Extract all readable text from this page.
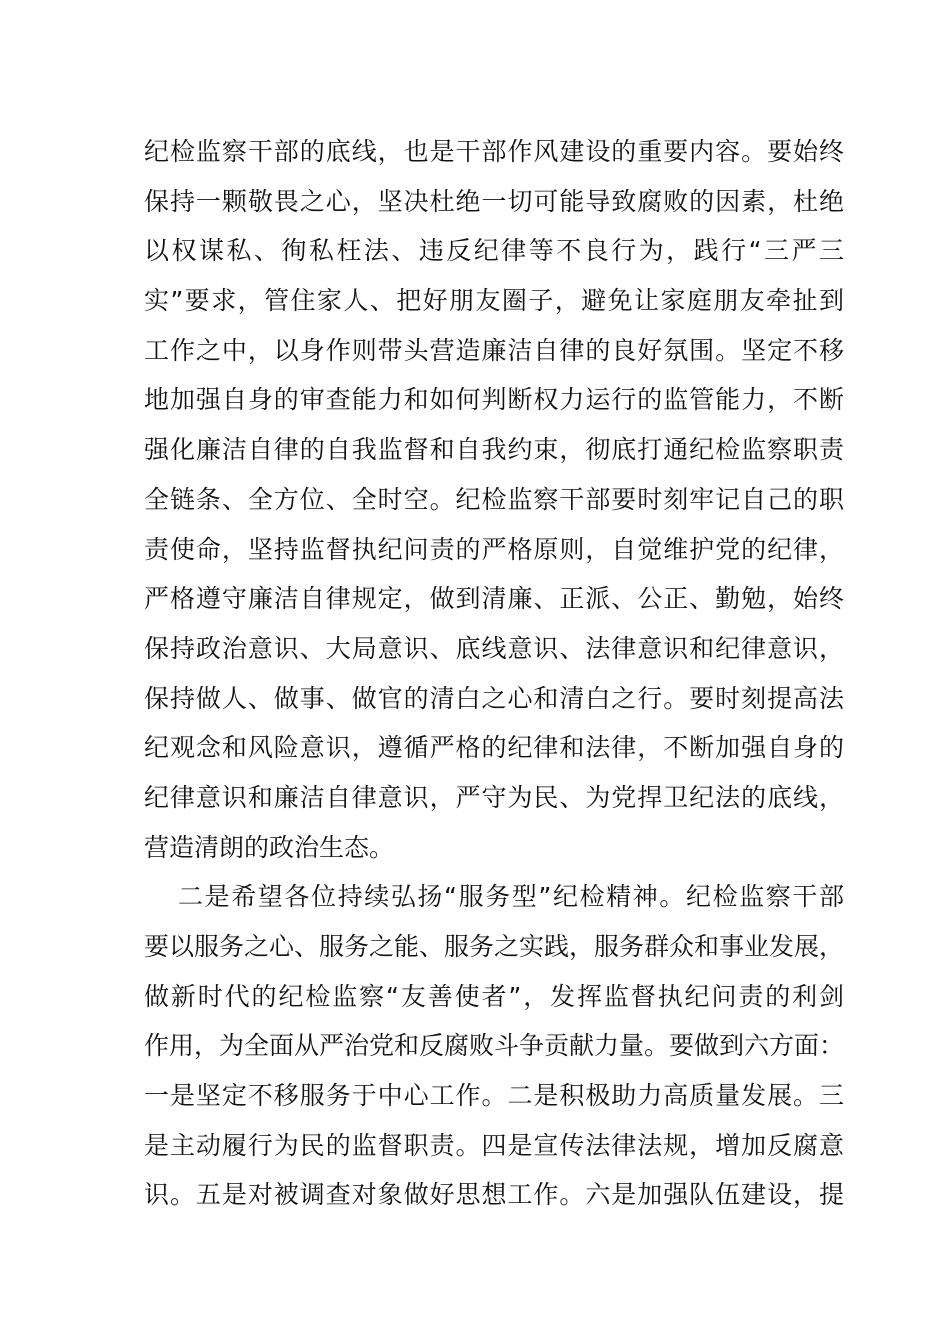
纪检监察干部的底线，也是干部作风建设的重要内容。要始终
保持一颗敬畏之心，坚决杜绝一切可能导致腐败的因素，杜绝
以权谋私、徇私枉法、违反纪律等不良行为，践行“三严三
实”要求，管住家人、把好朋友圈子，避免让家庭朋友牵扯到
工作之中，以身作则带头营造廉洁自律的良好氛围。坚定不移
地加强自身的审查能力和如何判断权力运行的监管能力，不断
强化廉洁自律的自我监督和自我约束，彻底打通纪检监察职责
全链条、全方位、全时空。纪检监察干部要时刻牢记自己的职
责使命，坚持监督执纪问责的严格原则，自觉维护党的纪律，
严格遵守廉洁自律规定，做到清廉、正派、公正、勤勉，始终
保持政治意识、大局意识、底线意识、法律意识和纪律意识，
保持做人、做事、做官的清白之心和清白之行。要时刻提高法
纪观念和风险意识，遵循严格的纪律和法律，不断加强自身的
纪律意识和廉洁自律意识，严守为民、为党捍卫纪法的底线，
营造清朗的政治生态。
二是希望各位持续弘扬“服务型”纪检精神。纪检监察干部
要以服务之心、服务之能、服务之实践，服务群众和事业发展，
做新时代的纪检监察“友善使者”，发挥监督执纪问责的利剑
作用，为全面从严治党和反腐败斗争贡献力量。要做到六方面：
一是坚定不移服务于中心工作。二是积极助力高质量发展。三
是主动履行为民的监督职责。四是宣传法律法规，增加反腐意
识。五是对被调查对象做好思想工作。六是加强队伍建设，提
